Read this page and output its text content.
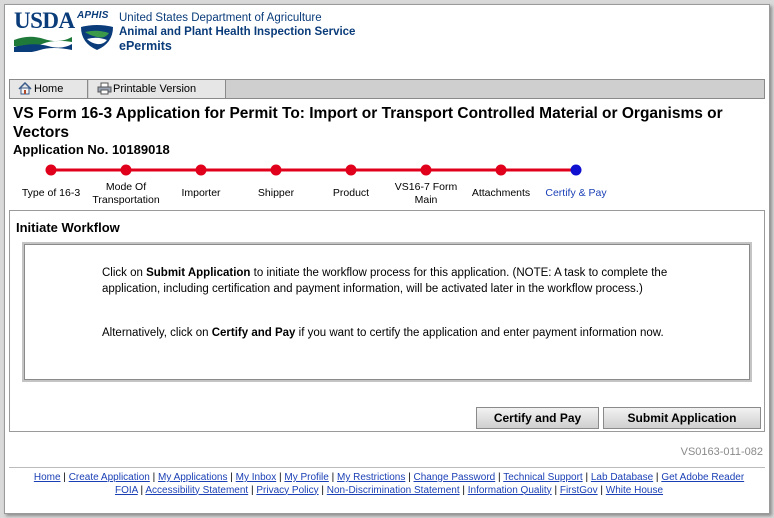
USDA APHIS United States Department of Agriculture
Animal and Plant Health Inspection Service
ePermits
Home	Printable Version
VS Form 16-3 Application for Permit To: Import or Transport Controlled Material or Organisms or Vectors
Application No. 10189018
Type of 16-3	Mode Of Transportation
Importer	Shipper	Product	VS16-7 Form Main
Attachments	Certify & Pay
Initiate Workflow
Click on Submit Application to initiate the workflow process for this application. (NOTE: A task to complete the application, including certification and payment information, will be activated later in the workflow process.)
Alternatively, click on Certify and Pay if you want to certify the application and enter payment information now.
Certify and Pay	Submit Application
VS0163-011-082
Home | Create Application | My Applications | My Inbox | My Profile | My Restrictions | Change Password | Technical Support | Lab Database | Get Adobe Reader
FOIA | Accessibility Statement | Privacy Policy | Non-Discrimination Statement | Information Quality | FirstGov | White House
